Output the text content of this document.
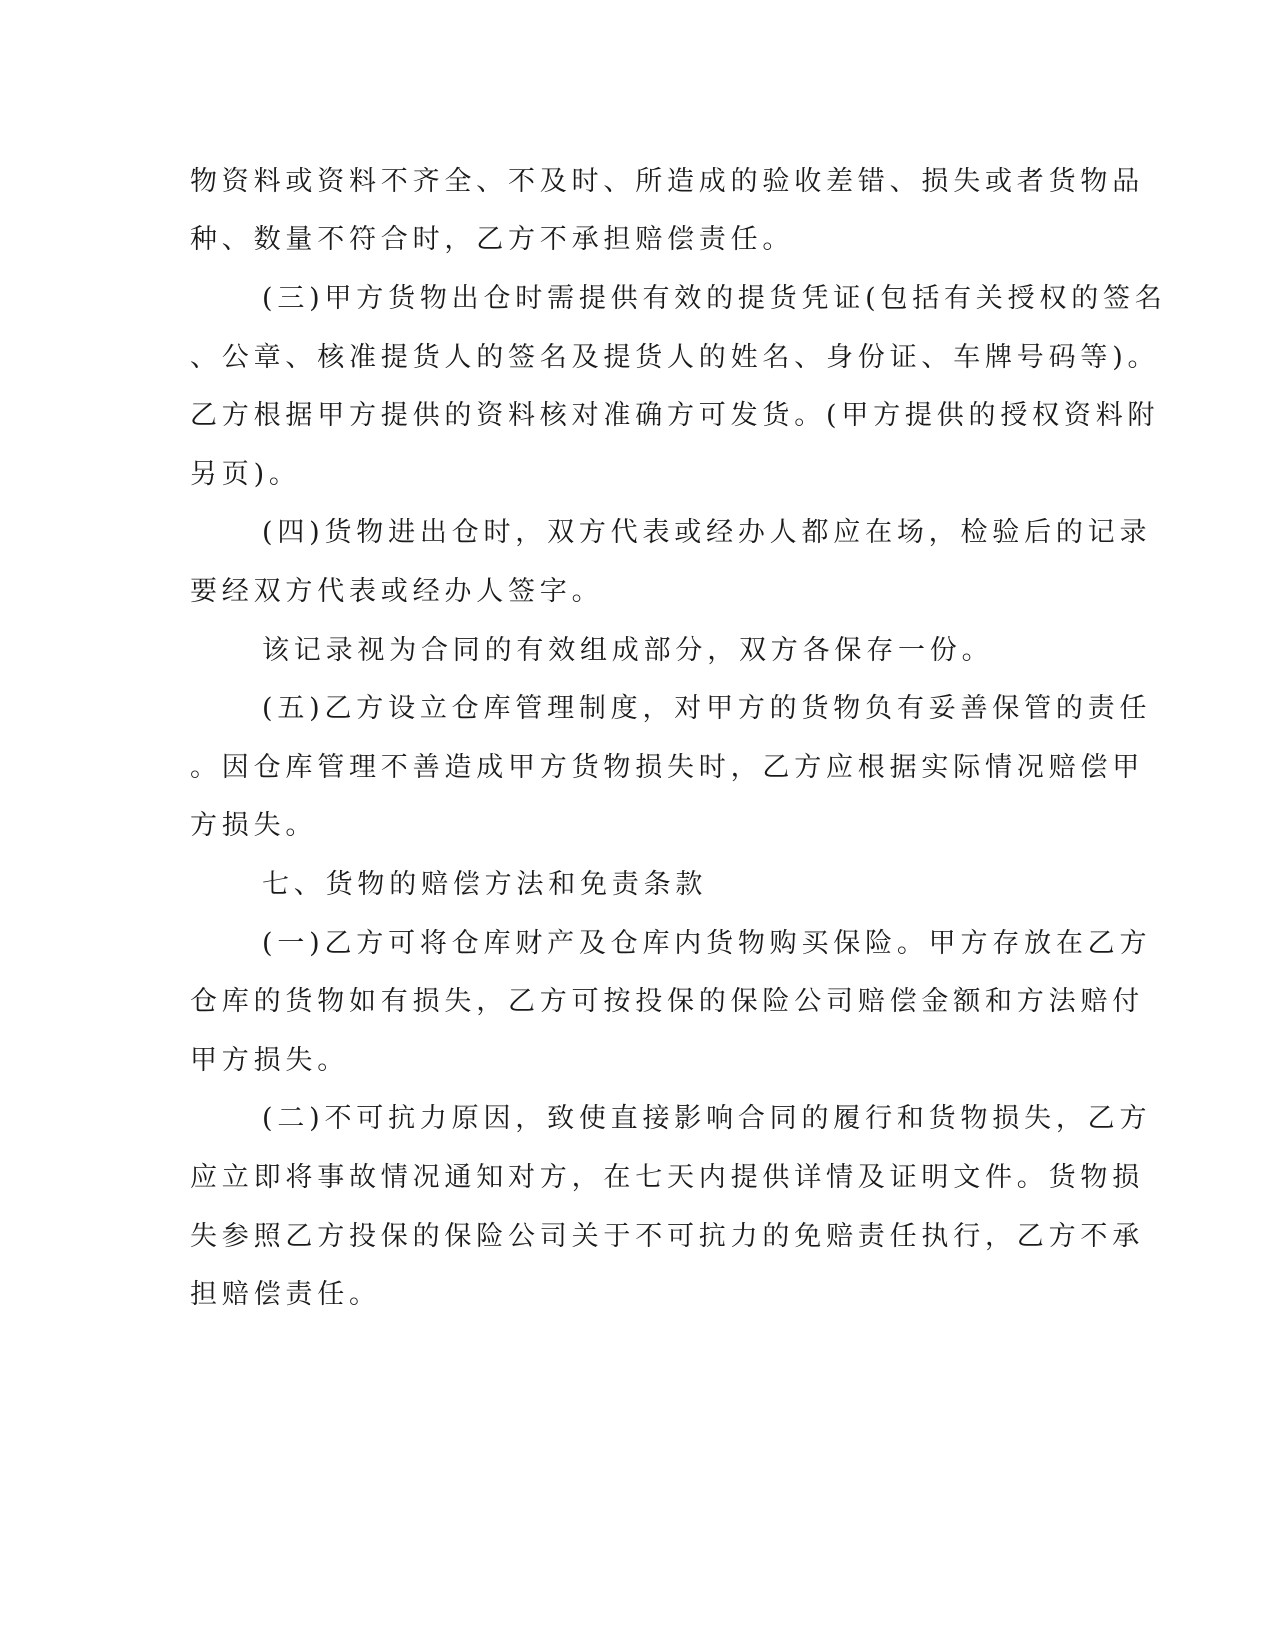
物资料或资料不齐全、不及时、所造成的验收差错、损失或者货物品
种、数量不符合时，乙方不承担赔偿责任。
(三)甲方货物出仓时需提供有效的提货凭证(包括有关授权的签名
、公章、核准提货人的签名及提货人的姓名、身份证、车牌号码等)。
乙方根据甲方提供的资料核对准确方可发货。(甲方提供的授权资料附
另页)。
(四)货物进出仓时，双方代表或经办人都应在场，检验后的记录
要经双方代表或经办人签字。
该记录视为合同的有效组成部分，双方各保存一份。
(五)乙方设立仓库管理制度，对甲方的货物负有妥善保管的责任
。因仓库管理不善造成甲方货物损失时，乙方应根据实际情况赔偿甲
方损失。
七、货物的赔偿方法和免责条款
(一)乙方可将仓库财产及仓库内货物购买保险。甲方存放在乙方
仓库的货物如有损失，乙方可按投保的保险公司赔偿金额和方法赔付
甲方损失。
(二)不可抗力原因，致使直接影响合同的履行和货物损失，乙方
应立即将事故情况通知对方，在七天内提供详情及证明文件。货物损
失参照乙方投保的保险公司关于不可抗力的免赔责任执行，乙方不承
担赔偿责任。
